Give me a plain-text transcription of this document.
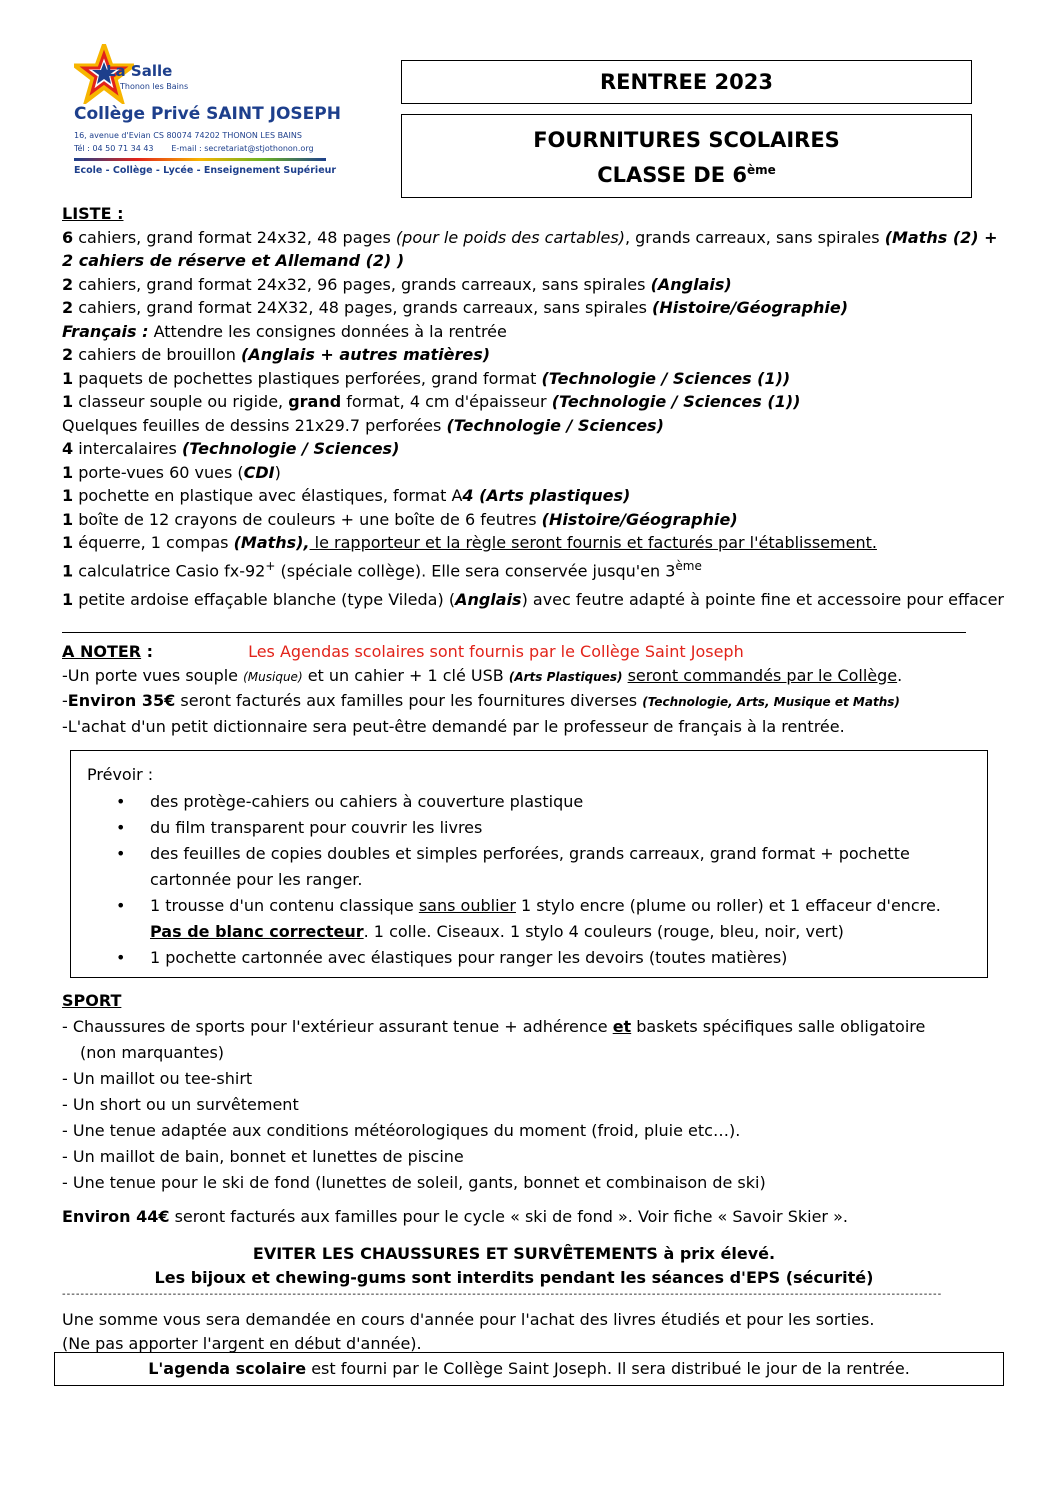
La Salle
Thonon les Bains
Collège Privé SAINT JOSEPH
16, avenue d'Evian CS 80074 74202 THONON LES BAINS
Tél : 04 50 71 34 43 E-mail : secretariat@stjothonon.org
Ecole - Collège - Lycée - Enseignement Supérieur
RENTREE 2023
FOURNITURES SCOLAIRES
CLASSE DE 6ème
LISTE :
6 cahiers, grand format 24x32, 48 pages (pour le poids des cartables), grands carreaux, sans spirales (Maths (2) +
2 cahiers de réserve et Allemand (2) )
2 cahiers, grand format 24x32, 96 pages, grands carreaux, sans spirales (Anglais)
2 cahiers, grand format 24X32, 48 pages, grands carreaux, sans spirales (Histoire/Géographie)
Français : Attendre les consignes données à la rentrée
2 cahiers de brouillon (Anglais + autres matières)
1 paquets de pochettes plastiques perforées, grand format (Technologie / Sciences (1))
1 classeur souple ou rigide, grand format, 4 cm d'épaisseur (Technologie / Sciences (1))
Quelques feuilles de dessins 21x29.7 perforées (Technologie / Sciences)
4 intercalaires (Technologie / Sciences)
1 porte-vues 60 vues (CDI)
1 pochette en plastique avec élastiques, format A4 (Arts plastiques)
1 boîte de 12 crayons de couleurs + une boîte de 6 feutres (Histoire/Géographie)
1 équerre, 1 compas (Maths), le rapporteur et la règle seront fournis et facturés par l'établissement.
1 calculatrice Casio fx-92+ (spéciale collège). Elle sera conservée jusqu'en 3ème
1 petite ardoise effaçable blanche (type Vileda) (Anglais) avec feutre adapté à pointe fine et accessoire pour effacer
A NOTER :	Les Agendas scolaires sont fournis par le Collège Saint Joseph
-Un porte vues souple (Musique) et un cahier + 1 clé USB (Arts Plastiques) seront commandés par le Collège.
-Environ 35€ seront facturés aux familles pour les fournitures diverses (Technologie, Arts, Musique et Maths)
-L'achat d'un petit dictionnaire sera peut-être demandé par le professeur de français à la rentrée.
Prévoir :
• des protège-cahiers ou cahiers à couverture plastique
• du film transparent pour couvrir les livres
• des feuilles de copies doubles et simples perforées, grands carreaux, grand format + pochette cartonnée pour les ranger.
• 1 trousse d'un contenu classique sans oublier 1 stylo encre (plume ou roller) et 1 effaceur d'encre. Pas de blanc correcteur. 1 colle. Ciseaux. 1 stylo 4 couleurs (rouge, bleu, noir, vert)
• 1 pochette cartonnée avec élastiques pour ranger les devoirs (toutes matières)
SPORT
- Chaussures de sports pour l'extérieur assurant tenue + adhérence et baskets spécifiques salle obligatoire
(non marquantes)
- Un maillot ou tee-shirt
- Un short ou un survêtement
- Une tenue adaptée aux conditions météorologiques du moment (froid, pluie etc…).
- Un maillot de bain, bonnet et lunettes de piscine
- Une tenue pour le ski de fond (lunettes de soleil, gants, bonnet et combinaison de ski)
Environ 44€ seront facturés aux familles pour le cycle « ski de fond ». Voir fiche « Savoir Skier ».
EVITER LES CHAUSSURES ET SURVÊTEMENTS à prix élevé.
Les bijoux et chewing-gums sont interdits pendant les séances d'EPS (sécurité)
-----------------------------------------------------------------------------------------------------------------------------------------------------------------------------------------------
Une somme vous sera demandée en cours d'année pour l'achat des livres étudiés et pour les sorties.
(Ne pas apporter l'argent en début d'année).
L'agenda scolaire est fourni par le Collège Saint Joseph. Il sera distribué le jour de la rentrée.
